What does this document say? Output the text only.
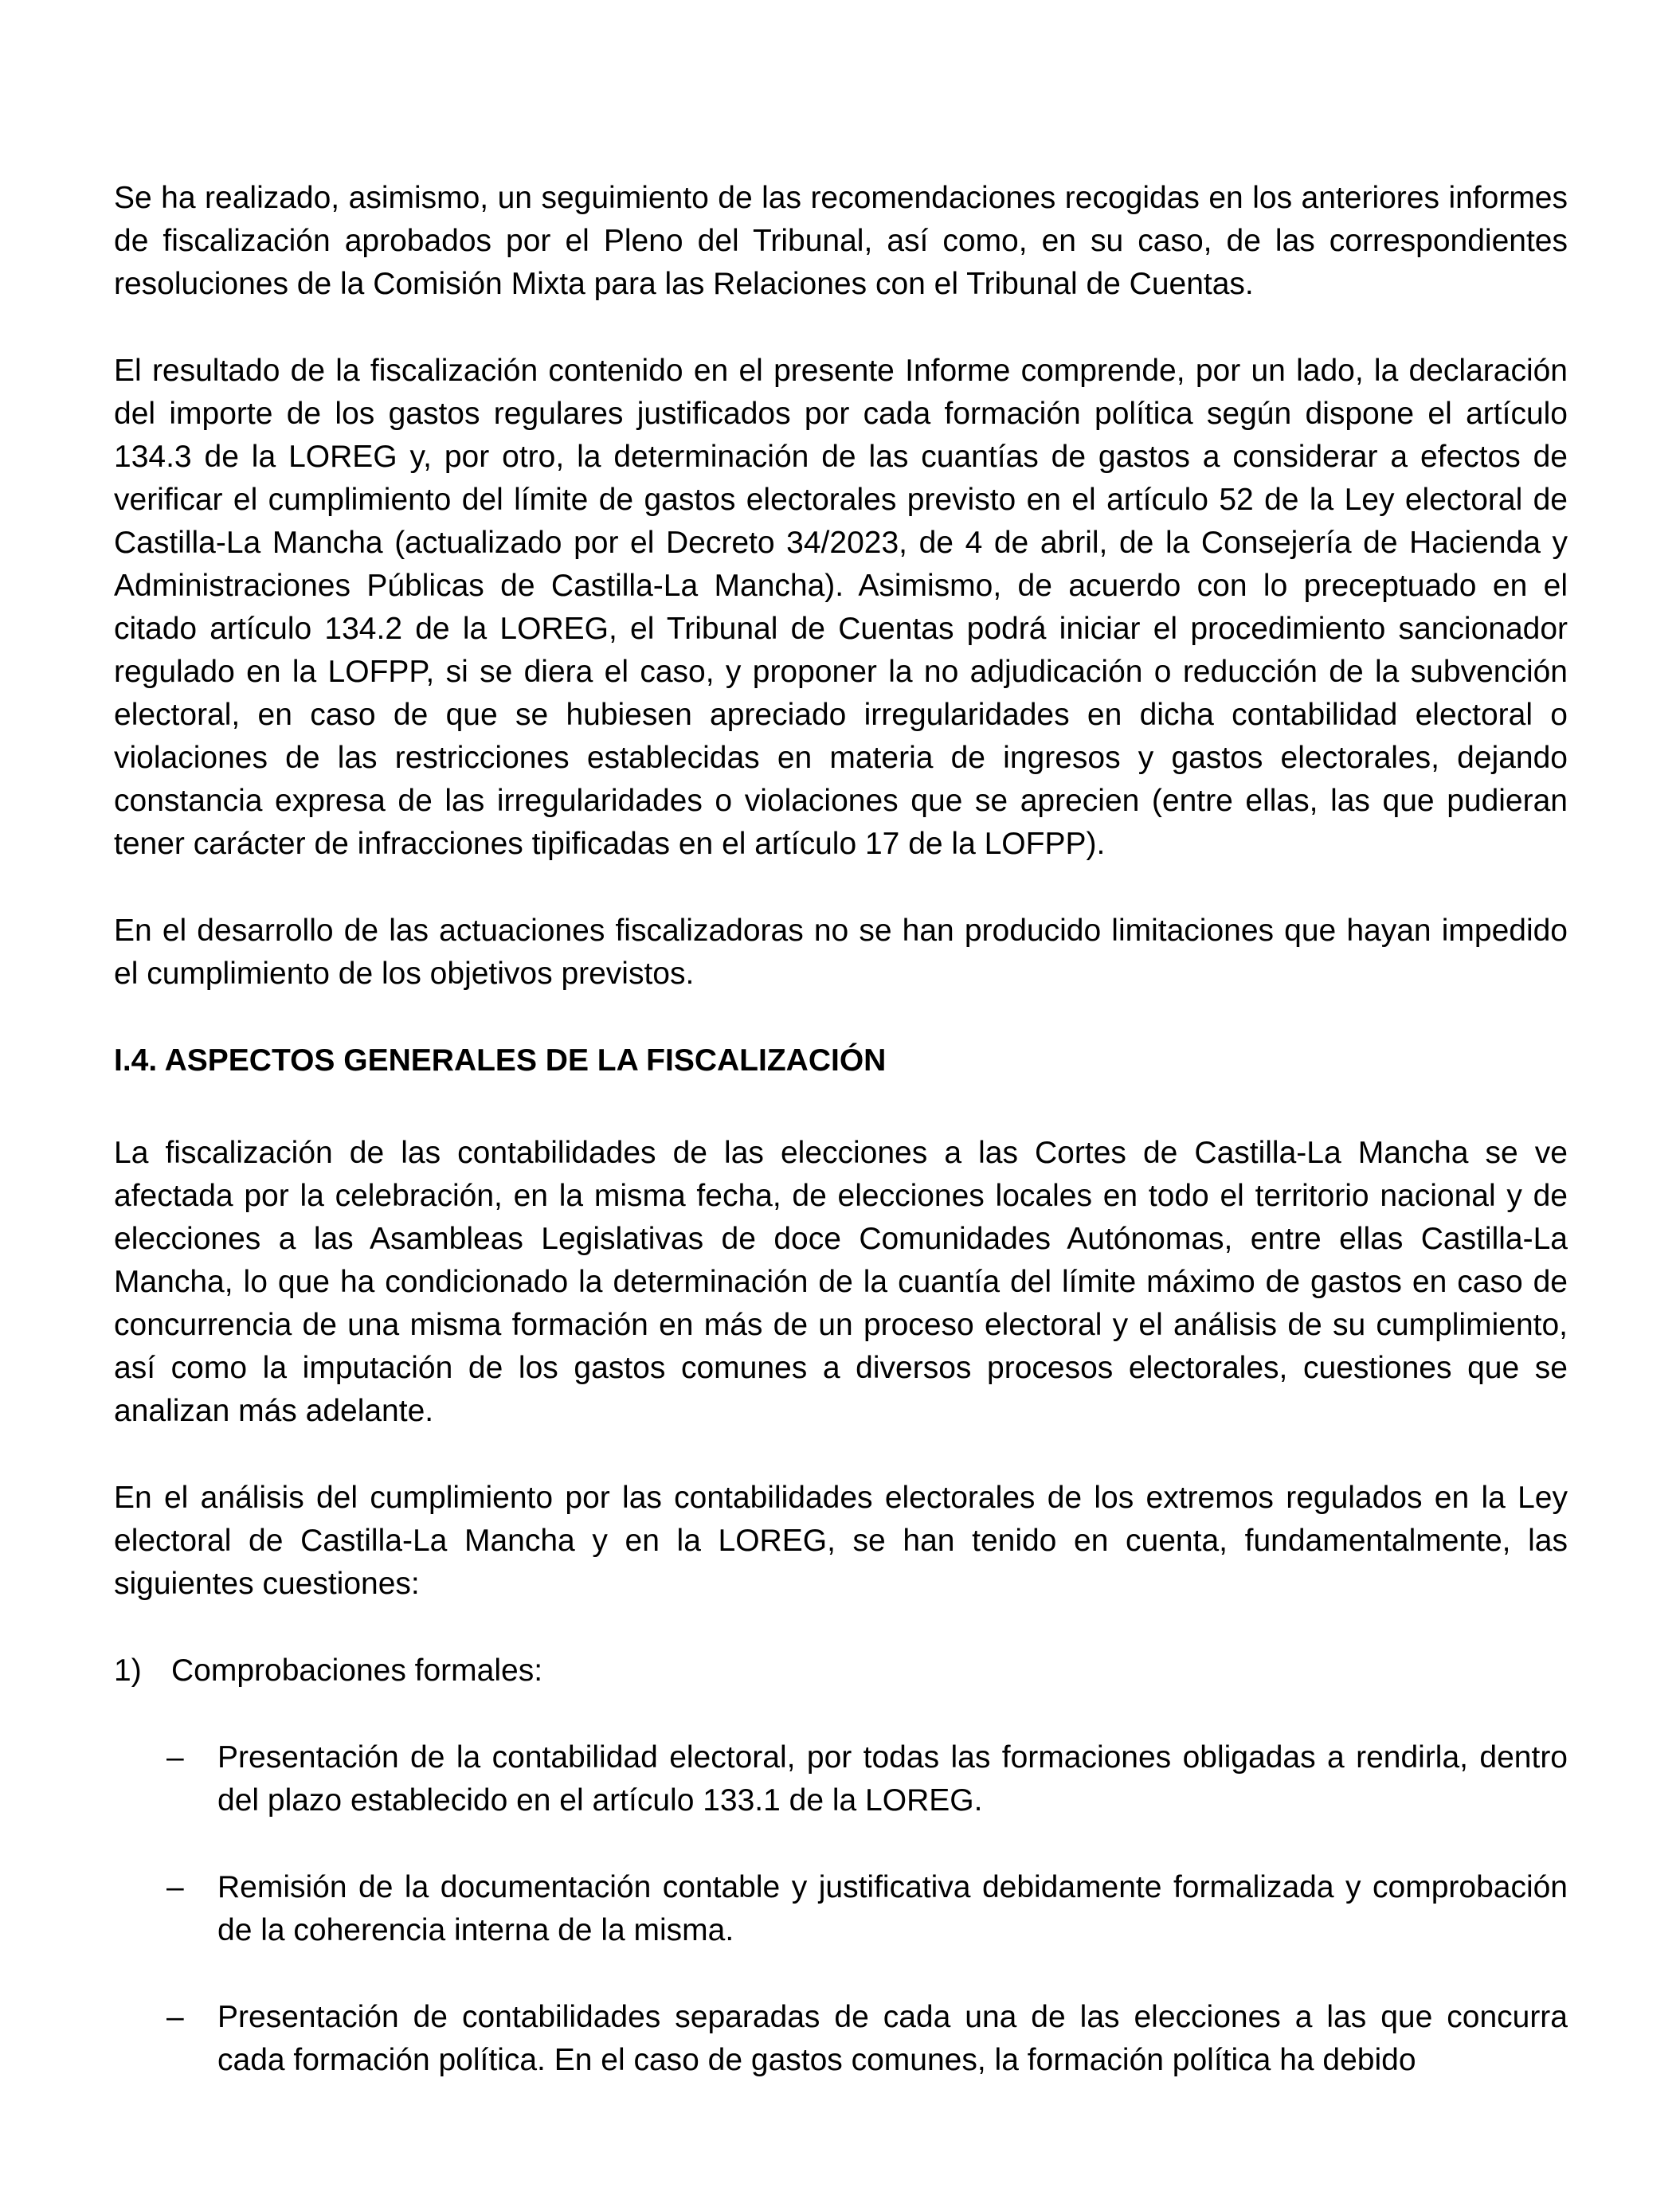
Se ha realizado, asimismo, un seguimiento de las recomendaciones recogidas en los anteriores informes de fiscalización aprobados por el Pleno del Tribunal, así como, en su caso, de las correspondientes resoluciones de la Comisión Mixta para las Relaciones con el Tribunal de Cuentas.

El resultado de la fiscalización contenido en el presente Informe comprende, por un lado, la declaración del importe de los gastos regulares justificados por cada formación política según dispone el artículo 134.3 de la LOREG y, por otro, la determinación de las cuantías de gastos a considerar a efectos de verificar el cumplimiento del límite de gastos electorales previsto en el artículo 52 de la Ley electoral de Castilla-La Mancha (actualizado por el Decreto 34/2023, de 4 de abril, de la Consejería de Hacienda y Administraciones Públicas de Castilla-La Mancha). Asimismo, de acuerdo con lo preceptuado en el citado artículo 134.2 de la LOREG, el Tribunal de Cuentas podrá iniciar el procedimiento sancionador regulado en la LOFPP, si se diera el caso, y proponer la no adjudicación o reducción de la subvención electoral, en caso de que se hubiesen apreciado irregularidades en dicha contabilidad electoral o violaciones de las restricciones establecidas en materia de ingresos y gastos electorales, dejando constancia expresa de las irregularidades o violaciones que se aprecien (entre ellas, las que pudieran tener carácter de infracciones tipificadas en el artículo 17 de la LOFPP).

En el desarrollo de las actuaciones fiscalizadoras no se han producido limitaciones que hayan impedido el cumplimiento de los objetivos previstos.

I.4. ASPECTOS GENERALES DE LA FISCALIZACIÓN

La fiscalización de las contabilidades de las elecciones a las Cortes de Castilla-La Mancha se ve afectada por la celebración, en la misma fecha, de elecciones locales en todo el territorio nacional y de elecciones a las Asambleas Legislativas de doce Comunidades Autónomas, entre ellas Castilla-La Mancha, lo que ha condicionado la determinación de la cuantía del límite máximo de gastos en caso de concurrencia de una misma formación en más de un proceso electoral y el análisis de su cumplimiento, así como la imputación de los gastos comunes a diversos procesos electorales, cuestiones que se analizan más adelante.

En el análisis del cumplimiento por las contabilidades electorales de los extremos regulados en la Ley electoral de Castilla-La Mancha y en la LOREG, se han tenido en cuenta, fundamentalmente, las siguientes cuestiones:

1) Comprobaciones formales:
–	Presentación de la contabilidad electoral, por todas las formaciones obligadas a rendirla, dentro del plazo establecido en el artículo 133.1 de la LOREG.

–	Remisión de la documentación contable y justificativa debidamente formalizada y comprobación de la coherencia interna de la misma.

–	Presentación de contabilidades separadas de cada una de las elecciones a las que concurra cada formación política. En el caso de gastos comunes, la formación política ha debido
